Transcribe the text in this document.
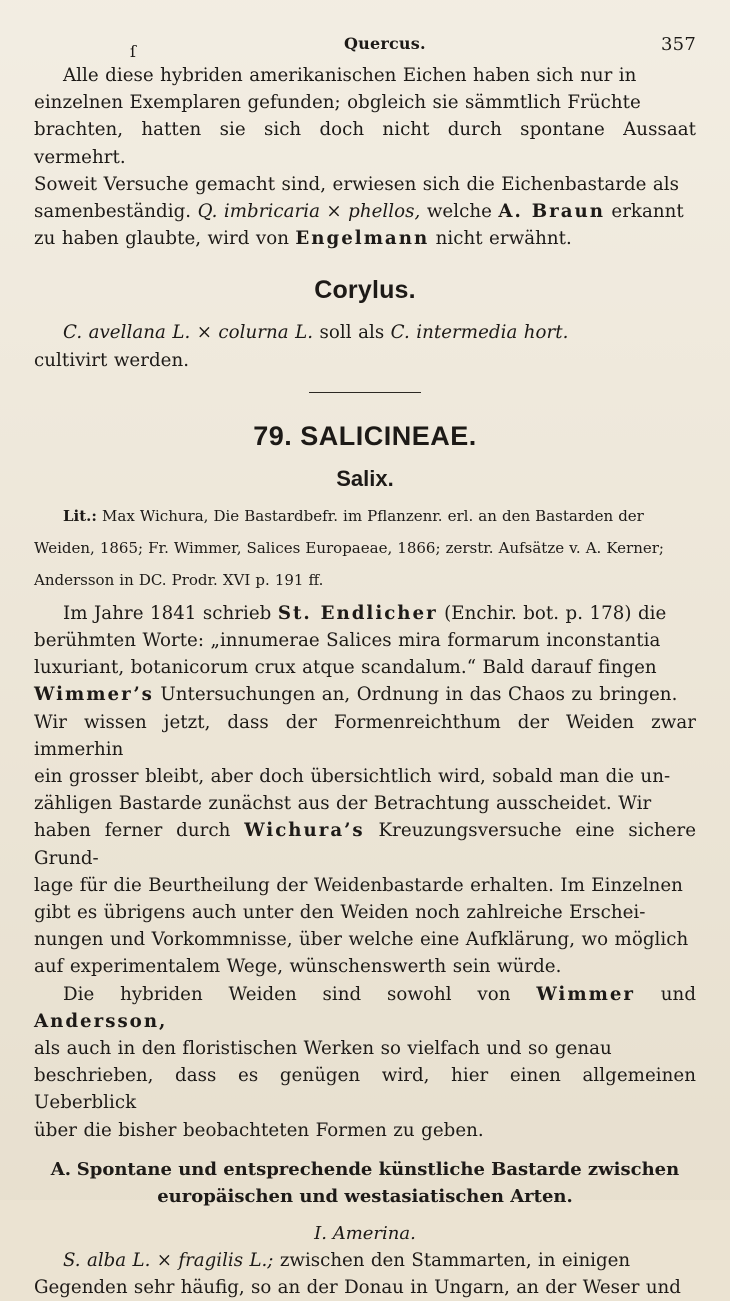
ſ	Quercus.	357

Alle diese hybriden amerikanischen Eichen haben sich nur in

einzelnen Exemplaren gefunden; obgleich sie sämmtlich Früchte

brachten, hatten sie sich doch nicht durch spontane Aussaat vermehrt.

Soweit Versuche gemacht sind, erwiesen sich die Eichenbastarde als

samenbeständig. Q. imbricaria × phellos, welche A. Braun erkannt

zu haben glaubte, wird von Engelmann nicht erwähnt.

Corylus.

C. avellana L. × colurna L. soll als C. intermedia hort.

cultivirt werden.

79. SALICINEAE.
Salix.

Lit.: Max Wichura, Die Bastardbefr. im Pflanzenr. erl. an den Bastarden der

Weiden, 1865; Fr. Wimmer, Salices Europaeae, 1866; zerstr. Aufsätze v. A. Kerner;

Andersson in DC. Prodr. XVI p. 191 ff.

Im Jahre 1841 schrieb St. Endlicher (Enchir. bot. p. 178) die

berühmten Worte: „innumerae Salices mira formarum inconstantia

luxuriant, botanicorum crux atque scandalum.“ Bald darauf fingen

Wimmer’s Untersuchungen an, Ordnung in das Chaos zu bringen.

Wir wissen jetzt, dass der Formenreichthum der Weiden zwar immerhin

ein grosser bleibt, aber doch übersichtlich wird, sobald man die un-

zähligen Bastarde zunächst aus der Betrachtung ausscheidet. Wir

haben ferner durch Wichura’s Kreuzungsversuche eine sichere Grund-

lage für die Beurtheilung der Weidenbastarde erhalten. Im Einzelnen

gibt es übrigens auch unter den Weiden noch zahlreiche Erschei-

nungen und Vorkommnisse, über welche eine Aufklärung, wo möglich

auf experimentalem Wege, wünschenswerth sein würde.

Die hybriden Weiden sind sowohl von Wimmer und Andersson,

als auch in den floristischen Werken so vielfach und so genau

beschrieben, dass es genügen wird, hier einen allgemeinen Ueberblick

über die bisher beobachteten Formen zu geben.

A. Spontane und entsprechende künstliche Bastarde zwischen
europäischen und westasiatischen Arten.
I. Amerina.

S. alba L. × fragilis L.; zwischen den Stammarten, in einigen

Gegenden sehr häufig, so an der Donau in Ungarn, an der Weser und
